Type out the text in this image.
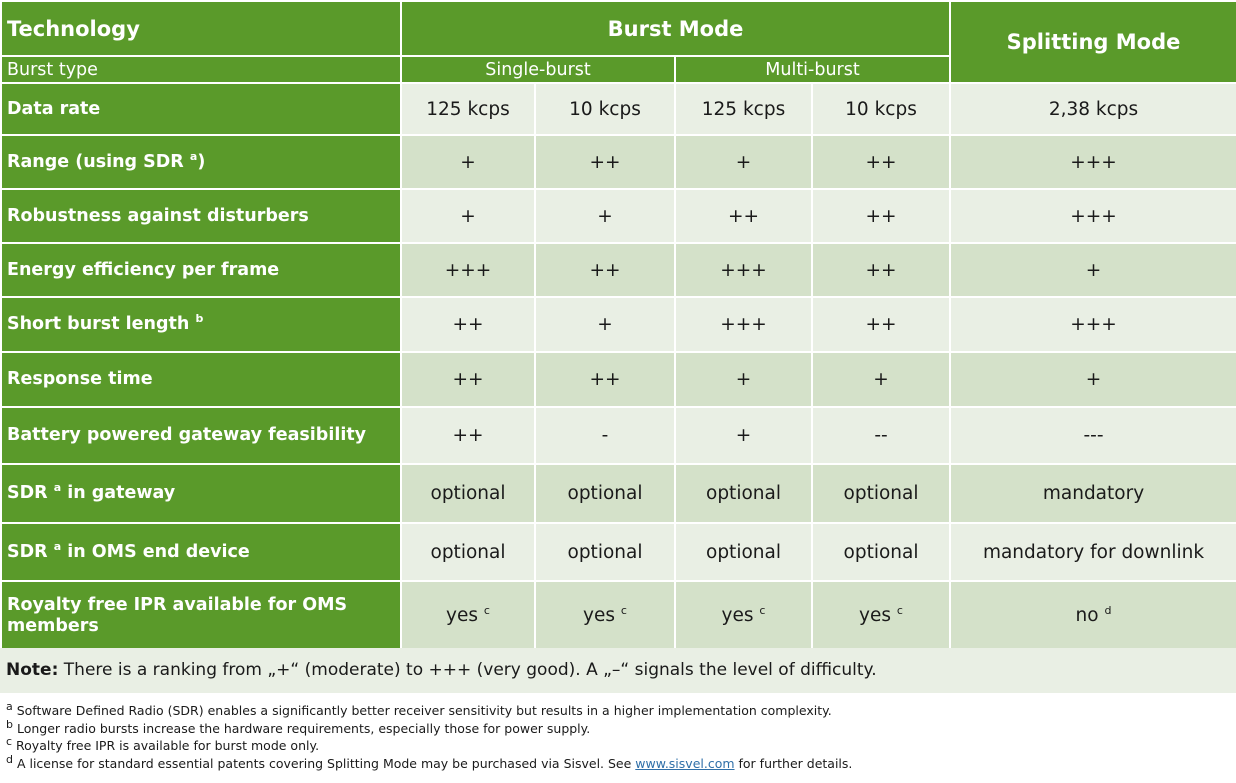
Technology	Burst Mode				Splitting Mode
Burst type	Single-burst		Multi-burst		
Data rate	125 kcps	10 kcps	125 kcps	10 kcps	2,38 kcps
Range (using SDR $^a$)	+	++	+	++	+++
Robustness against disturbers	+	+	++	++	+++
Energy efficiency per frame	+++	++	+++	++	+
Short burst length $^b$	++	+	+++	++	+++
Response time	++	++	+	+	+
Battery powered gateway feasibility	++	-	+	--	---
SDR $^a$ in gateway	optional	optional	optional	optional	mandatory
SDR $^a$ in OMS end device	optional	optional	optional	optional	mandatory for downlink
Royalty free IPR available for OMS members	yes $^c$	yes $^c$	yes $^c$	yes $^c$	no $^d$
Note: There is a ranking from „+“ (moderate) to +++ (very good). A „–“ signals the level of difficulty.
$^a$ Software Defined Radio (SDR) enables a significantly better receiver sensitivity but results in a higher implementation complexity.
$^b$ Longer radio bursts increase the hardware requirements, especially those for power supply.
$^c$ Royalty free IPR is available for burst mode only.
$^d$ A license for standard essential patents covering Splitting Mode may be purchased via Sisvel. See www.sisvel.com for further details.
